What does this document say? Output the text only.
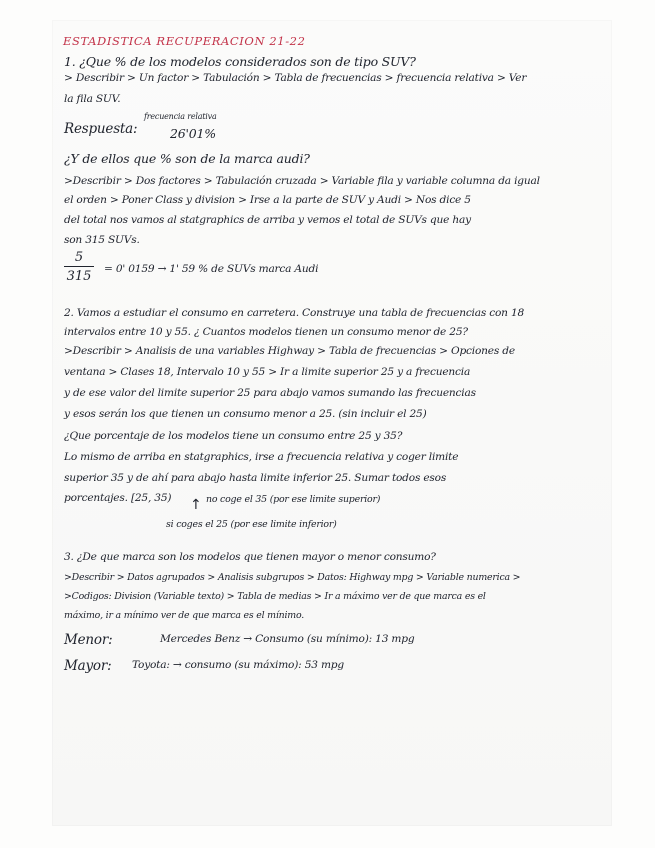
ESTADISTICA RECUPERACION 21-22
1. ¿Que % de los modelos considerados son de tipo SUV?
> Describir > Un factor > Tabulación > Tabla de frecuencias > frecuencia relativa > Ver
la fila SUV.
frecuencia relativa
Respuesta:	26'01%
¿Y de ellos que % son de la marca audi?
>Describir > Dos factores > Tabulación cruzada > Variable fila y variable columna da igual
el orden > Poner Class y division > Irse a la parte de SUV y Audi > Nos dice 5
del total nos vamos al statgraphics de arriba y vemos el total de SUVs que hay
son 315 SUVs.
5
315 = 0' 0159 → 1' 59 % de SUVs marca Audi
2. Vamos a estudiar el consumo en carretera. Construye una tabla de frecuencias con 18
intervalos entre 10 y 55. ¿ Cuantos modelos tienen un consumo menor de 25?
>Describir > Analisis de una variables Highway > Tabla de frecuencias > Opciones de
ventana > Clases 18, Intervalo 10 y 55 > Ir a limite superior 25 y a frecuencia
y de ese valor del limite superior 25 para abajo vamos sumando las frecuencias
y esos serán los que tienen un consumo menor a 25. (sin incluir el 25)
¿Que porcentaje de los modelos tiene un consumo entre 25 y 35?
Lo mismo de arriba en statgraphics, irse a frecuencia relativa y coger limite
superior 35 y de ahí para abajo hasta limite inferior 25. Sumar todos esos
porcentajes. [25, 35) ↑ no coge el 35 (por ese limite superior)
si coges el 25 (por ese limite inferior)
3. ¿De que marca son los modelos que tienen mayor o menor consumo?
>Describir > Datos agrupados > Analisis subgrupos > Datos: Highway mpg > Variable numerica >
>Codigos: Division (Variable texto) > Tabla de medias > Ir a máximo ver de que marca es el
máximo, ir a mínimo ver de que marca es el mínimo.
Menor:	Mercedes Benz → Consumo (su mínimo): 13 mpg
Mayor: Toyota: → consumo (su máximo): 53 mpg
